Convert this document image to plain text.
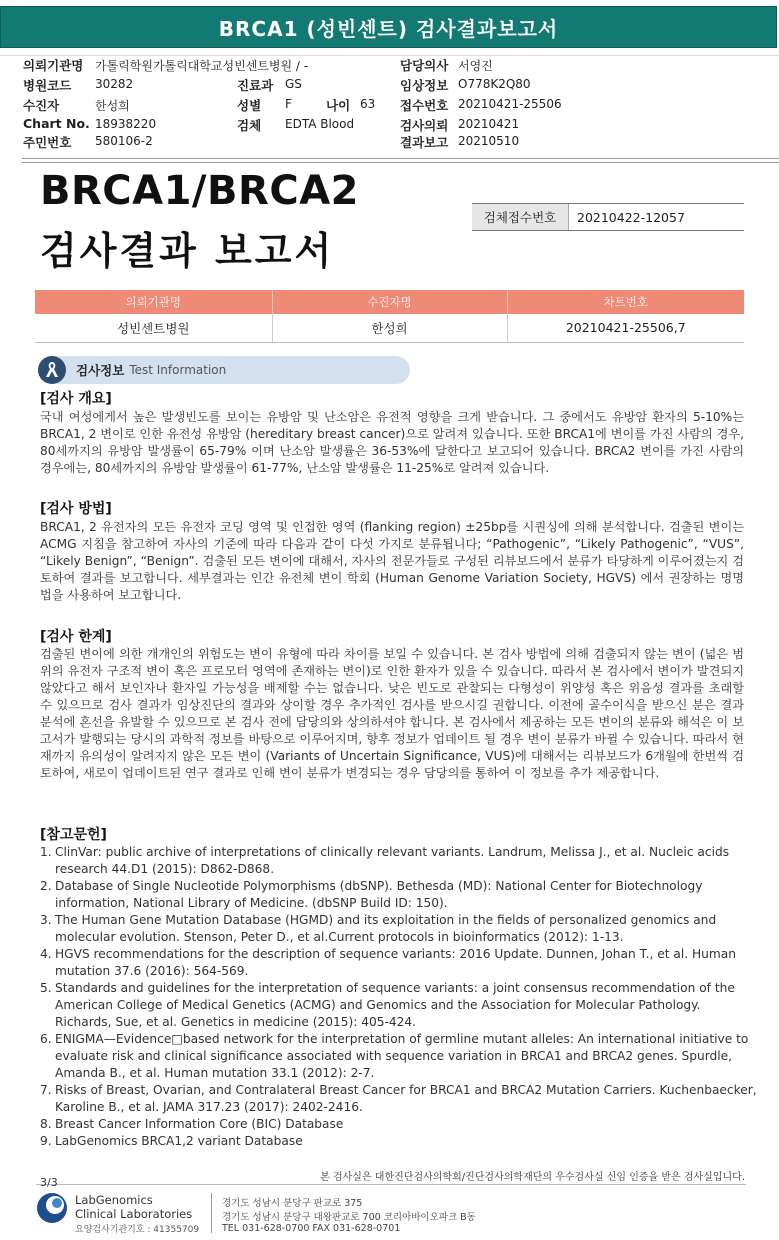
BRCA1 (성빈센트) 검사결과보고서
의뢰기관명 가톨릭학원가톨릭대학교성빈센트병원 / -
병원코드 30282
수진자	한성희
Chart No. 18938220
주민번호 580106-2
진료과 GS
성별 F	나이 63
검체 EDTA Blood
담당의사 서영진
임상정보 O778K2Q80
접수번호 20210421-25506
검사의뢰 20210421
결과보고 20210510
BRCA1/BRCA2
검사결과 보고서
검체접수번호	20210422-12057
의뢰기관명	수진자명	차트번호
성빈센트병원	한성희	20210421-25506,7
검사정보 Test Information
[검사 개요]
국내 여성에게서 높은 발생빈도를 보이는 유방암 및 난소암은 유전적 영향을 크게 받습니다. 그 중에서도 유방암 환자의 5-10%는 BRCA1, 2 변이로 인한 유전성 유방암 (hereditary breast cancer)으로 알려져 있습니다. 또한 BRCA1에 변이를 가진 사람의 경우, 80세까지의 유방암 발생률이 65-79% 이며 난소암 발생률은 36-53%에 달한다고 보고되어 있습니다. BRCA2 변이를 가진 사람의 경우에는, 80세까지의 유방암 발생률이 61-77%, 난소암 발생률은 11-25%로 알려져 있습니다.
[검사 방법]
BRCA1, 2 유전자의 모든 유전자 코딩 영역 및 인접한 영역 (flanking region) ±25bp를 시퀀싱에 의해 분석합니다. 검출된 변이는 ACMG 지침을 참고하여 자사의 기준에 따라 다음과 같이 다섯 가지로 분류됩니다; “Pathogenic”, “Likely Pathogenic”, “VUS”, “Likely Benign”, “Benign”. 검출된 모든 변이에 대해서, 자사의 전문가들로 구성된 리뷰보드에서 분류가 타당하게 이루어졌는지 검토하여 결과를 보고합니다. 세부결과는 인간 유전체 변이 학회 (Human Genome Variation Society, HGVS) 에서 권장하는 명명법을 사용하여 보고합니다.
[검사 한계]
검출된 변이에 의한 개개인의 위험도는 변이 유형에 따라 차이를 보일 수 있습니다. 본 검사 방법에 의해 검출되지 않는 변이 (넓은 범위의 유전자 구조적 변이 혹은 프로모터 영역에 존재하는 변이)로 인한 환자가 있을 수 있습니다. 따라서 본 검사에서 변이가 발견되지 않았다고 해서 보인자나 환자일 가능성을 배제할 수는 없습니다. 낮은 빈도로 관찰되는 다형성이 위양성 혹은 위음성 결과를 초래할 수 있으므로 검사 결과가 임상진단의 결과와 상이할 경우 추가적인 검사를 받으시길 권합니다. 이전에 골수이식을 받으신 분은 결과 분석에 혼선을 유발할 수 있으므로 본 검사 전에 담당의와 상의하셔야 합니다. 본 검사에서 제공하는 모든 변이의 분류와 해석은 이 보고서가 발행되는 당시의 과학적 정보를 바탕으로 이루어지며, 향후 정보가 업데이트 될 경우 변이 분류가 바뀔 수 있습니다. 따라서 현재까지 유의성이 알려지지 않은 모든 변이 (Variants of Uncertain Significance, VUS)에 대해서는 리뷰보드가 6개월에 한번씩 검토하여, 새로이 업데이트된 연구 결과로 인해 변이 분류가 변경되는 경우 담당의를 통하여 이 정보를 추가 제공합니다.
[참고문헌]
1. ClinVar: public archive of interpretations of clinically relevant variants. Landrum, Melissa J., et al. Nucleic acids research 44.D1 (2015): D862-D868.
2. Database of Single Nucleotide Polymorphisms (dbSNP). Bethesda (MD): National Center for Biotechnology information, National Library of Medicine. (dbSNP Build ID: 150).
3. The Human Gene Mutation Database (HGMD) and its exploitation in the fields of personalized genomics and molecular evolution. Stenson, Peter D., et al.Current protocols in bioinformatics (2012): 1-13.
4. HGVS recommendations for the description of sequence variants: 2016 Update. Dunnen, Johan T., et al. Human mutation 37.6 (2016): 564-569.
5. Standards and guidelines for the interpretation of sequence variants: a joint consensus recommendation of the American College of Medical Genetics (ACMG) and Genomics and the Association for Molecular Pathology. Richards, Sue, et al. Genetics in medicine (2015): 405-424.
6. ENIGMA—Evidence□based network for the interpretation of germline mutant alleles: An international initiative to evaluate risk and clinical significance associated with sequence variation in BRCA1 and BRCA2 genes. Spurdle, Amanda B., et al. Human mutation 33.1 (2012): 2-7.
7. Risks of Breast, Ovarian, and Contralateral Breast Cancer for BRCA1 and BRCA2 Mutation Carriers. Kuchenbaecker, Karoline B., et al. JAMA 317.23 (2017): 2402-2416.
8. Breast Cancer Information Core (BIC) Database
9. LabGenomics BRCA1,2 variant Database
본 검사실은 대한진단검사의학회/진단검사의학재단의 우수검사실 신임 인증을 받은 검사실입니다.
3/3
LabGenomics
Clinical Laboratories
요양검사기관기호 : 41355709
경기도 성남시 분당구 판교로 375
경기도 성남시 분당구 대왕판교로 700 코리아바이오파크 B동
TEL 031-628-0700 FAX 031-628-0701
